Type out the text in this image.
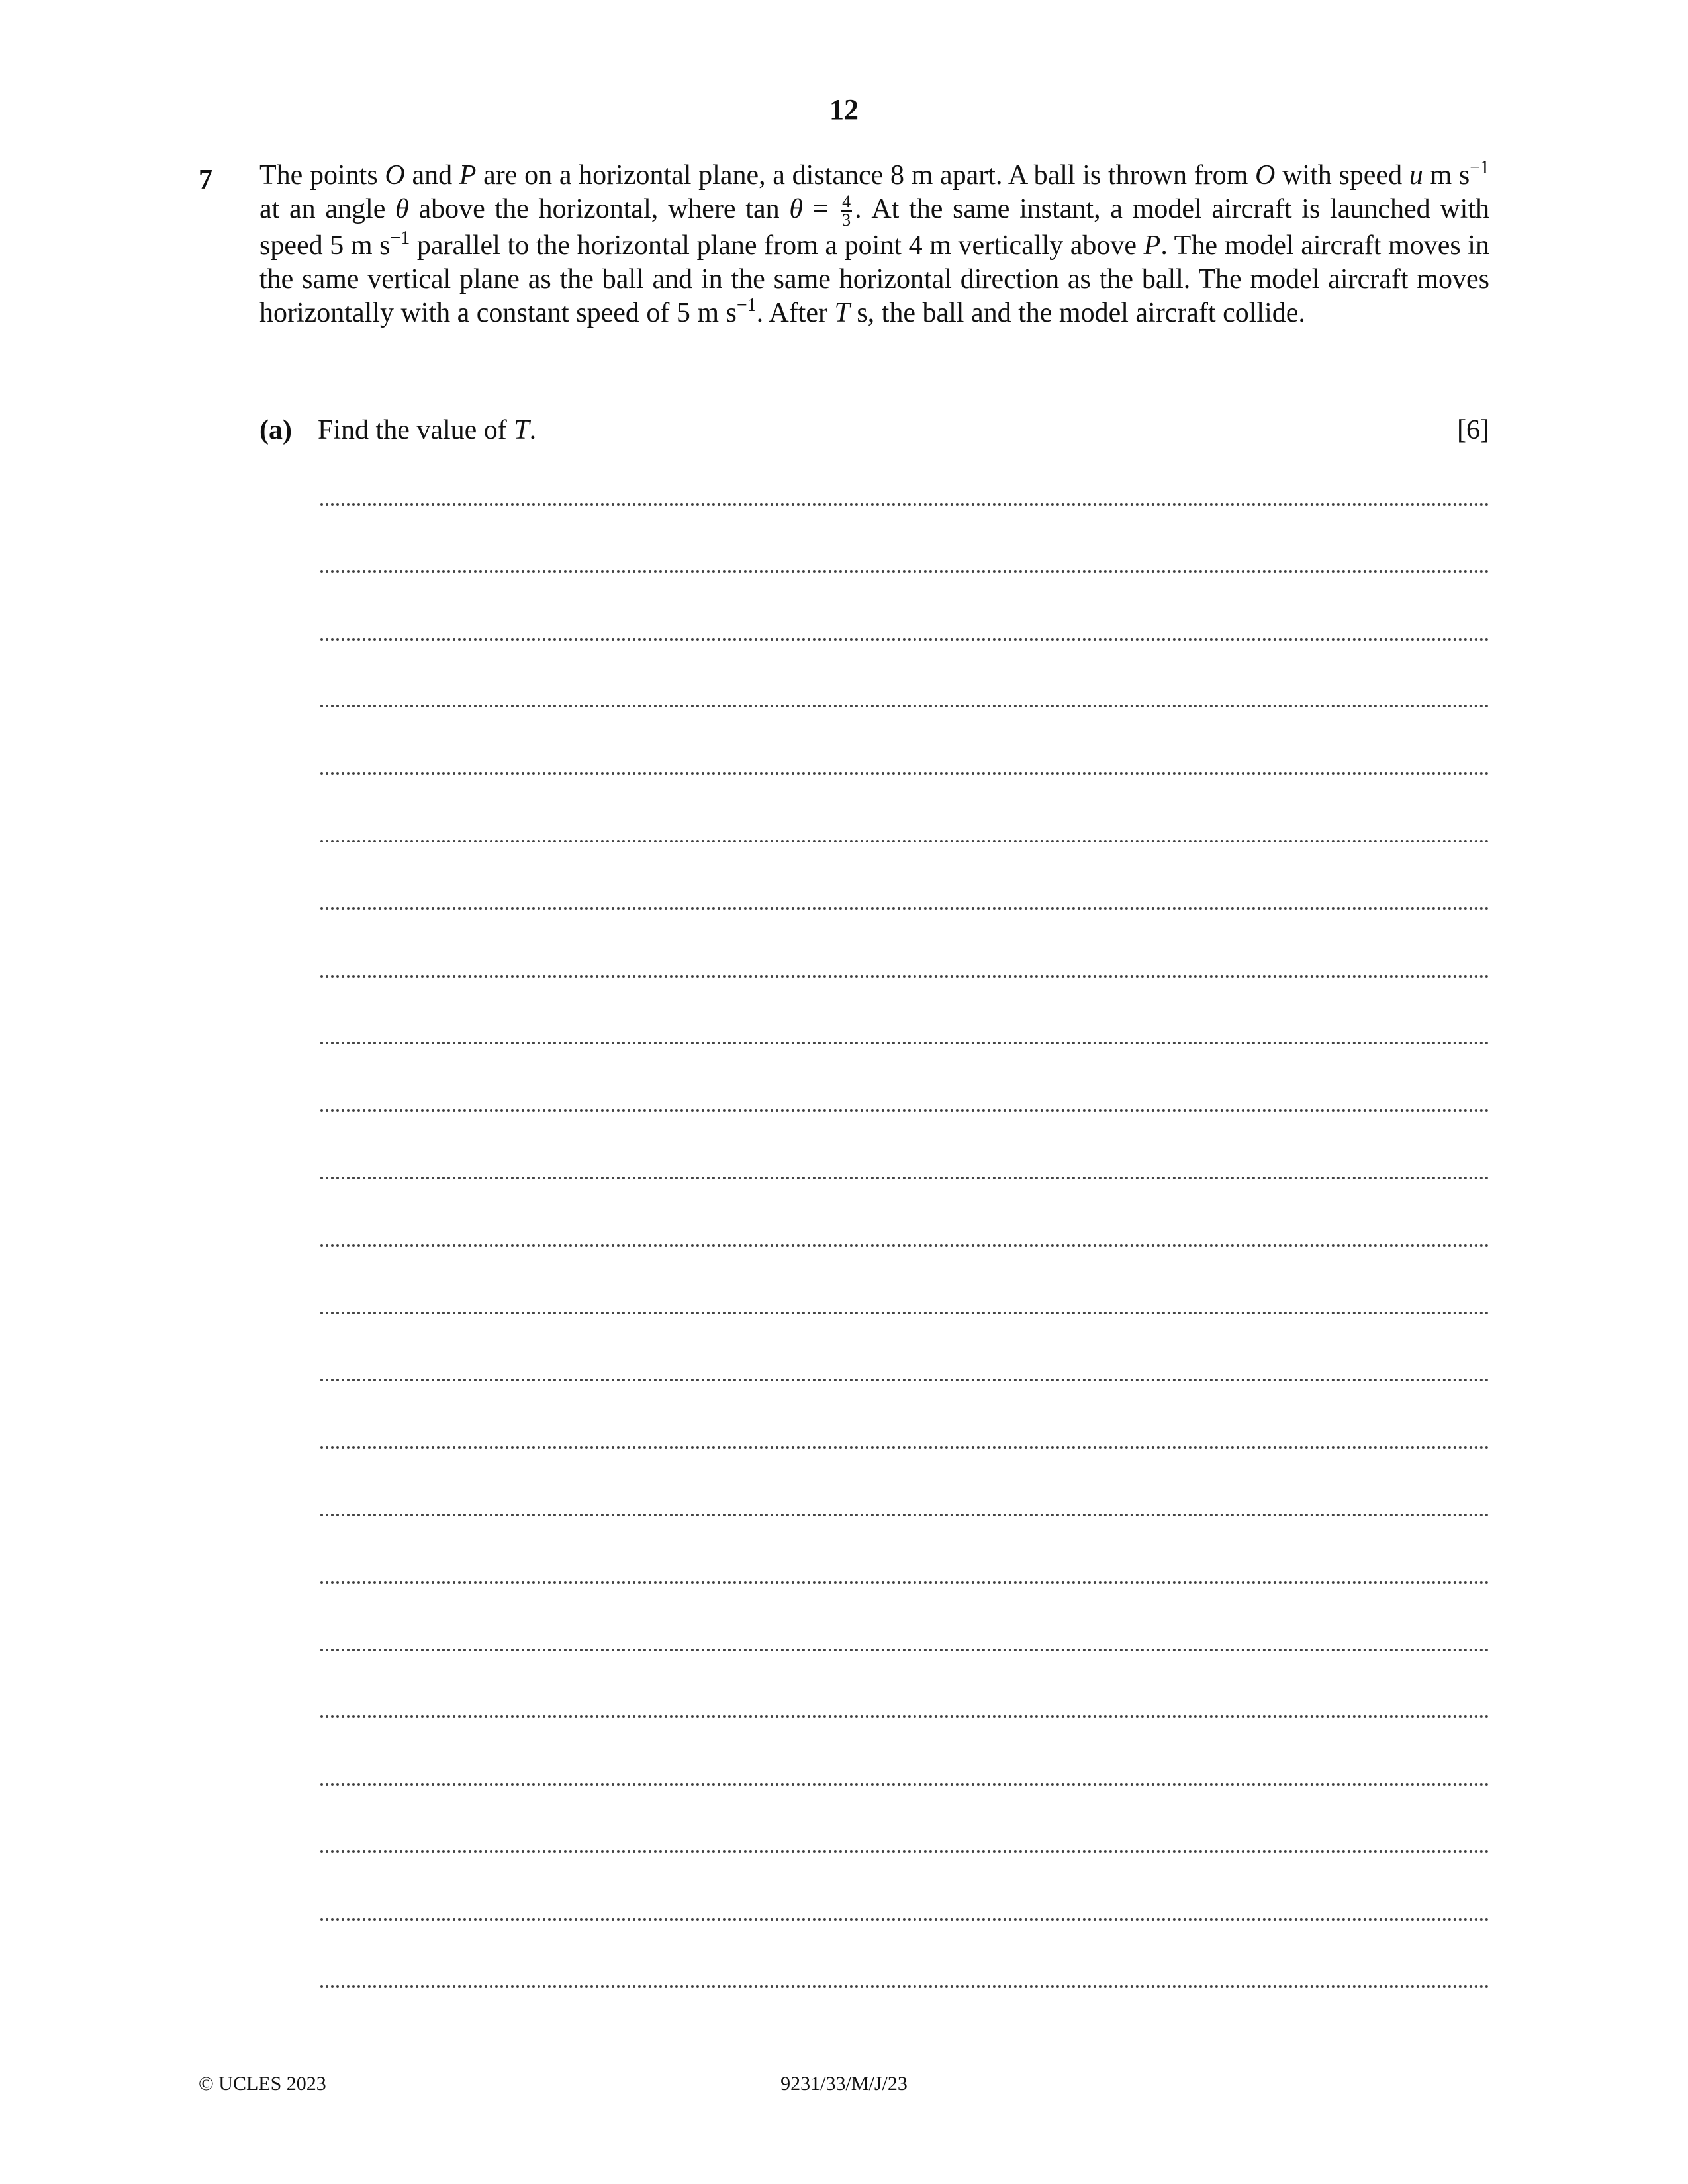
12
7 The points O and P are on a horizontal plane, a distance 8 m apart. A ball is thrown from O with speed u m $s^{-1}$ at an angle θ above the horizontal, where $\tan \theta = \frac{4}{3}$ . At the same instant, a model aircraft is launched with speed 5 m $s^{-1}$ parallel to the horizontal plane from a point 4 m vertically above P. The model aircraft moves in the same vertical plane as the ball and in the same horizontal direction as the ball. The model aircraft moves horizontally with a constant speed of 5 m $s^{-1}$. After T s, the ball and the model aircraft collide.
(a) Find the value of T.	[6]
© UCLES 2023	9231/33/M/J/23
